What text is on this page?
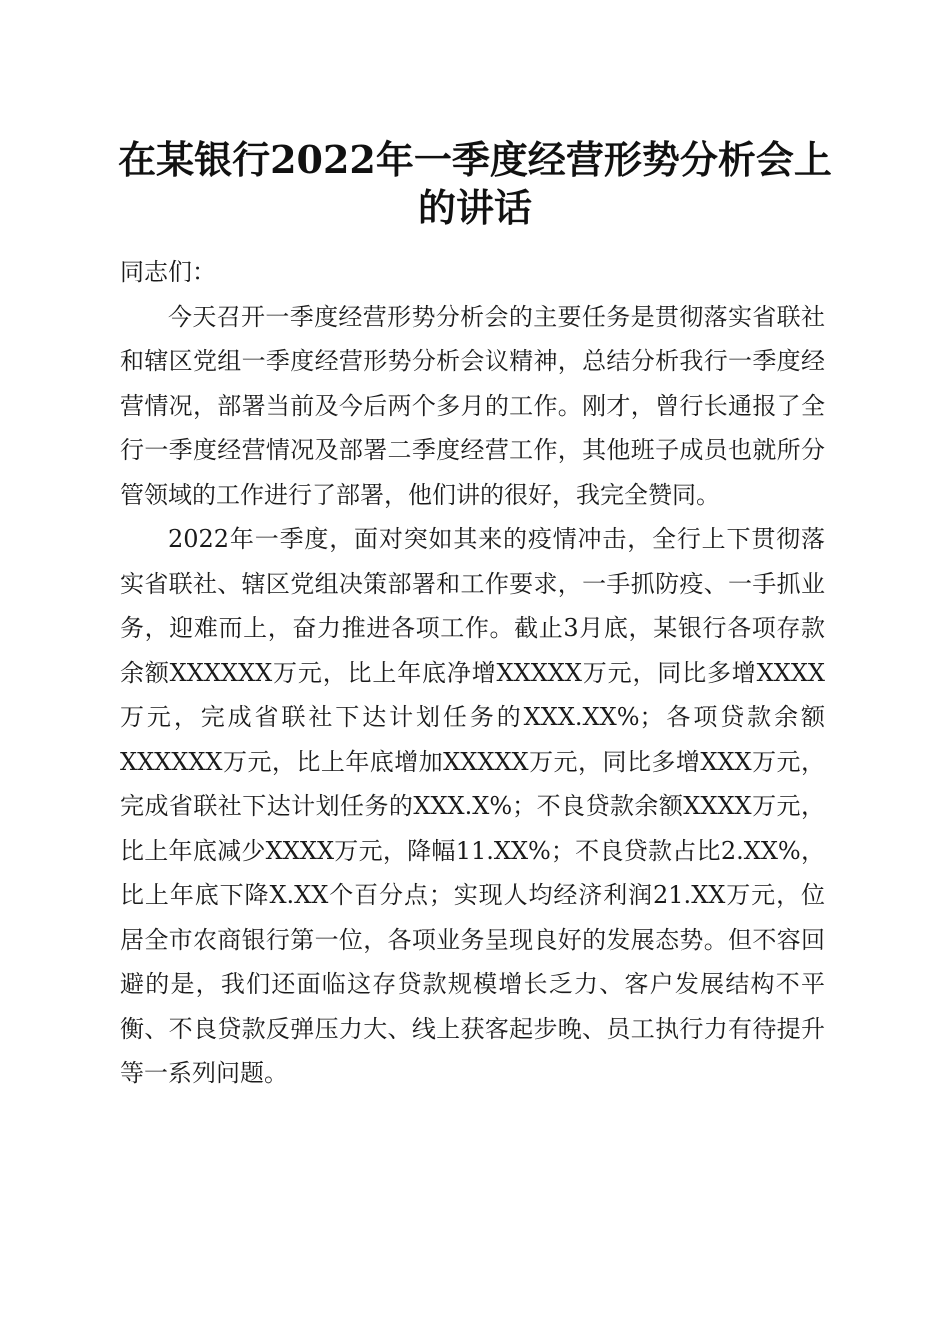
在某银行2022年一季度经营形势分析会上的讲话

同志们：

今天召开一季度经营形势分析会的主要任务是贯彻落实省联社和辖区党组一季度经营形势分析会议精神，总结分析我行一季度经营情况，部署当前及今后两个多月的工作。刚才，曾行长通报了全行一季度经营情况及部署二季度经营工作，其他班子成员也就所分管领域的工作进行了部署，他们讲的很好，我完全赞同。

2022年一季度，面对突如其来的疫情冲击，全行上下贯彻落实省联社、辖区党组决策部署和工作要求，一手抓防疫、一手抓业务，迎难而上，奋力推进各项工作。截止3月底，某银行各项存款余额XXXXXX万元，比上年底净增XXXXX万元，同比多增XXXX万元，完成省联社下达计划任务的XXX.XX%；各项贷款余额XXXXXX万元，比上年底增加XXXXX万元，同比多增XXX万元，完成省联社下达计划任务的XXX.X%；不良贷款余额XXXX万元，比上年底减少XXXX万元，降幅11.XX%；不良贷款占比2.XX%，比上年底下降X.XX个百分点；实现人均经济利润21.XX万元，位居全市农商银行第一位，各项业务呈现良好的发展态势。但不容回避的是，我们还面临这存贷款规模增长乏力、客户发展结构不平衡、不良贷款反弹压力大、线上获客起步晚、员工执行力有待提升等一系列问题。
